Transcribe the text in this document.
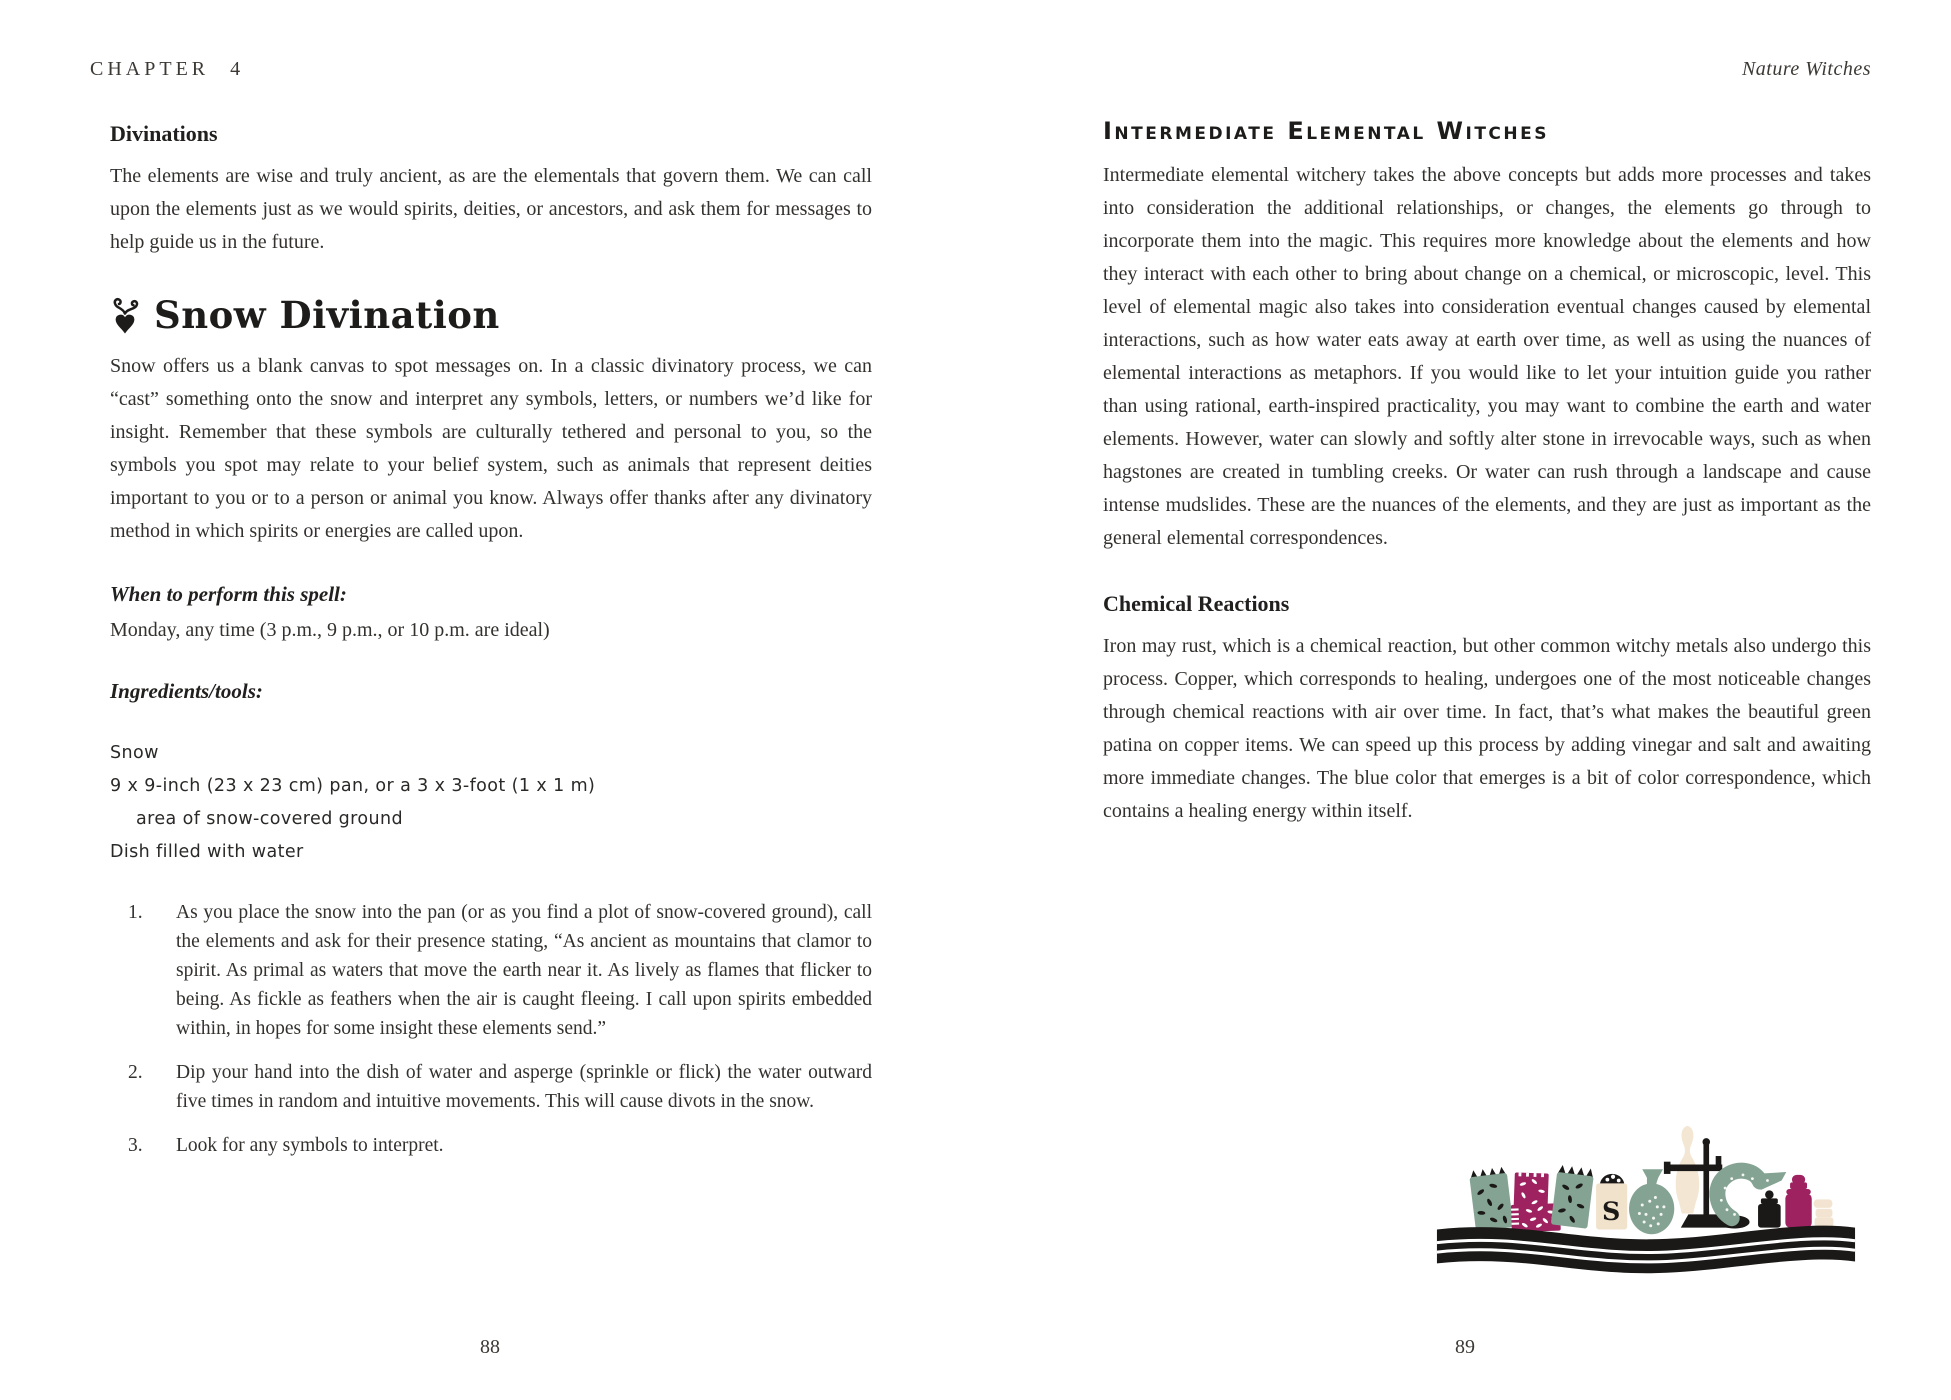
CHAPTER 4
Divinations

The elements are wise and truly ancient, as are the elementals that govern them. We can call upon the elements just as we would spirits, deities, or ancestors, and ask them for messages to help guide us in the future.

Snow Divination

Snow offers us a blank canvas to spot messages on. In a classic divinatory process, we can “cast” something onto the snow and interpret any symbols, letters, or numbers we’d like for insight. Remember that these symbols are culturally tethered and personal to you, so the symbols you spot may relate to your belief system, such as animals that represent deities important to you or to a person or animal you know. Always offer thanks after any divinatory method in which spirits or energies are called upon.

When to perform this spell:

Monday, any time (3 p.m., 9 p.m., or 10 p.m. are ideal)

Ingredients/tools:

Snow
9 x 9-inch (23 x 23 cm) pan, or a 3 x 3-foot (1 x 1 m)
area of snow-covered ground
Dish filled with water
1.	As you place the snow into the pan (or as you find a plot of snow-covered ground), call the elements and ask for their presence stating, “As ancient as mountains that clamor to spirit. As primal as waters that move the earth near it. As lively as flames that flicker to being. As fickle as feathers when the air is caught fleeing. I call upon spirits embedded within, in hopes for some insight these elements send.”
2.	Dip your hand into the dish of water and asperge (sprinkle or flick) the water outward five times in random and intuitive movements. This will cause divots in the snow.
3.	Look for any symbols to interpret.
Nature Witches
Intermediate Elemental Witches

Intermediate elemental witchery takes the above concepts but adds more processes and takes into consideration the additional relationships, or changes, the elements go through to incorporate them into the magic. This requires more knowledge about the elements and how they interact with each other to bring about change on a chemical, or microscopic, level. This level of elemental magic also takes into consideration eventual changes caused by elemental interactions, such as how water eats away at earth over time, as well as using the nuances of elemental interactions as metaphors. If you would like to let your intuition guide you rather than using rational, earth-inspired practicality, you may want to combine the earth and water elements. However, water can slowly and softly alter stone in irrevocable ways, such as when hagstones are created in tumbling creeks. Or water can rush through a landscape and cause intense mudslides. These are the nuances of the elements, and they are just as important as the general elemental correspondences.

Chemical Reactions

Iron may rust, which is a chemical reaction, but other common witchy metals also undergo this process. Copper, which corresponds to healing, undergoes one of the most noticeable changes through chemical reactions with air over time. In fact, that’s what makes the beautiful green patina on copper items. We can speed up this process by adding vinegar and salt and awaiting more immediate changes. The blue color that emerges is a bit of color correspondence, which contains a healing energy within itself.

S
88	89
